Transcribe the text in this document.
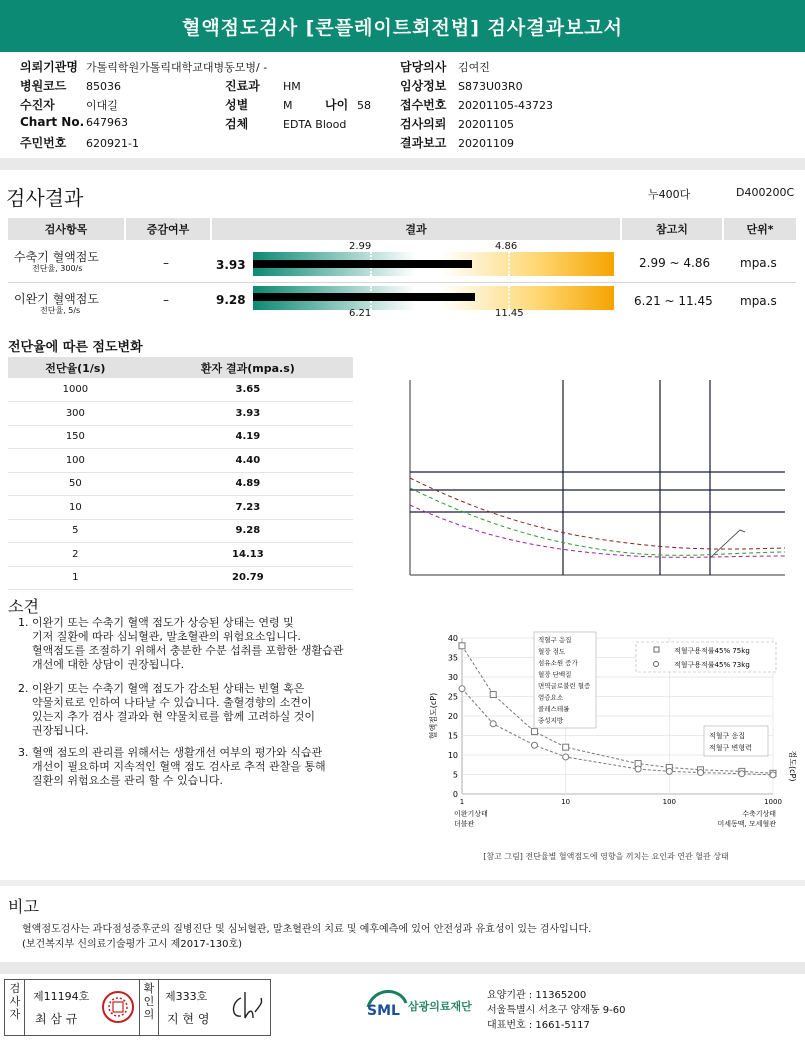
혈액점도검사 [콘플레이트회전법] 검사결과보고서
의뢰기관명 가톨릭학원가톨릭대학교대병동모병/ -
병원코드 85036
수진자	이대길
Chart No. 647963
주민번호 620921-1
진료과 HM
성별	M	나이 58
검체	EDTA Blood
담당의사 김여진
임상정보 S873U03R0
접수번호 20201105-43723
검사의뢰 20201105
결과보고 20201109
검사결과	누400다	D400200C
검사항목	증감여부	결과	참고치	단위*
수축기 혈액점도
전단율, 300/s	–	3.93
2.99	4.86
2.99 ~ 4.86 mpa.s
이완기 혈액점도
전단율, 5/s
–	9.28
6.21	11.45
6.21 ~ 11.45 mpa.s
전단율에 따른 점도변화
전단율(1/s)	환자 결과(mpa.s)
1000	3.65
300	3.93
150	4.19
100	4.40
50	4.89
10	7.23
5	9.28
2	14.13
1	20.79
소견
1. 이완기 또는 수축기 혈액 점도가 상승된 상태는 연령 및
기저 질환에 따라 심뇌혈관, 말초혈관의 위험요소입니다.
혈액점도를 조절하기 위해서 충분한 수분 섭취를 포함한 생활습관
개선에 대한 상담이 권장됩니다.
2. 이완기 또는 수축기 혈액 점도가 감소된 상태는 빈혈 혹은
약물치료로 인하여 나타날 수 있습니다. 출혈경향의 소견이
있는지 추가 검사 결과와 현 약물치료를 함께 고려하실 것이
권장됩니다.
3. 혈액 점도의 관리를 위해서는 생활개선 여부의 평가와 식습관
개선이 필요하며 지속적인 혈액 점도 검사로 추적 관찰을 통해
질환의 위험요소를 관리 할 수 있습니다.
40
35
30
25
20
15
10
5
0
1	10	100	1000
혈액점도(cP)
점도(cP)
적혈구 응집
혈장 점도
섬유소원 증가
혈장 단백질
면역글로불린 혈증
염증요소
콜레스테롤
중성지방
적혈구용적률45% 75kg
적혈구용적률45% 73kg
적혈구 응집
적혈구 변형력
이완기상태
더블관
수축기상태
미세동맥, 모세혈관
[참고 그림] 전단율별 혈액점도에 영향을 끼치는 요인과 연관 혈관 상태
비고
혈액점도검사는 과다점성증후군의 질병진단 및 심뇌혈관, 말초혈관의 치료 및 예후예측에 있어 안전성과 유효성이 있는 검사입니다.
(보건복지부 신의료기술평가 고시 제2017-130호)
검
사
자
제11194호
최 삼 규
확
인
의
제333호
지 현 영	SML 삼광의료재단
요양기관 : 11365200
서울특별시 서초구 양재동 9-60
대표번호 : 1661-5117
